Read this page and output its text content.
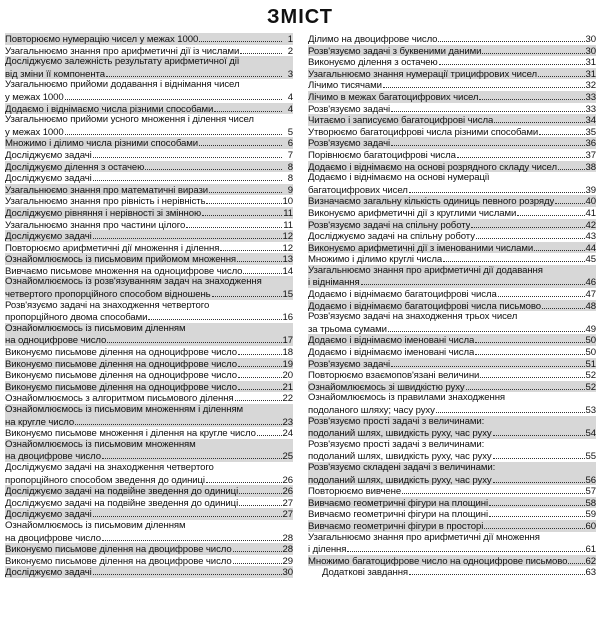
ЗМІСТ
Повторюємо нумерацію чисел у межах 1000	1
Узагальнюємо знання про арифметичні дії із числами	2
Досліджуємо залежність результату арифметичної дії
від зміни її компонента	3
Узагальнюємо прийоми додавання і віднімання чисел
у межах 1000	4
Додаємо і віднімаємо числа різними способами	4
Узагальнюємо прийоми усного множення і ділення чисел
у межах 1000	5
Множимо і ділимо числа різними способами	6
Досліджуємо задачі	7
Досліджуємо ділення з остачею	8
Досліджуємо задачі	8
Узагальнюємо знання про математичні вирази	9
Узагальнюємо знання про рівність і нерівність	10
Досліджуємо рівняння і нерівності зі змінною	11
Узагальнюємо знання про частини цілого	11
Досліджуємо задачі	12
Повторюємо арифметичні дії множення і ділення	12
Ознайомлюємось із письмовим прийомом множення	13
Вивчаємо письмове множення на одноцифрове число	14
Ознайомлюємось із розв'язуванням задач на знаходження
четвертого пропорційного способом відношень	15
Розв'язуємо задачі на знаходження четвертого
пропорційного двома способами	16
Ознайомлюємось із письмовим діленням
на одноцифрове число	17
Виконуємо письмове ділення на одноцифрове число	18
Виконуємо письмове ділення на одноцифрове число	19
Виконуємо письмове ділення на одноцифрове число	20
Виконуємо письмове ділення на одноцифрове число	21
Ознайомлюємось з алгоритмом письмового ділення	22
Ознайомлюємось із письмовим множенням і діленням
на кругле число	23
Виконуємо письмове множення і ділення на кругле число	24
Ознайомлюємось із письмовим множенням
на двоцифрове число	25
Досліджуємо задачі на знаходження четвертого
пропорційного способом зведення до одиниці	26
Досліджуємо задачі на подвійне зведення до одиниці	26
Досліджуємо задачі на подвійне зведення до одиниці	27
Досліджуємо задачі	27
Ознайомлюємось із письмовим діленням
на двоцифрове число	28
Виконуємо письмове ділення на двоцифрове число	28
Виконуємо письмове ділення на двоцифрове число	29
Досліджуємо задачі	30
Ділимо на двоцифрове число	30
Розв'язуємо задачі з буквеними даними	30
Виконуємо ділення з остачею	31
Узагальнюємо знання нумерації трицифрових чисел	31
Лічимо тисячами	32
Лічимо в межах багатоцифрових чисел	33
Розв'язуємо задачі	33
Читаємо і записуємо багатоцифрові числа	34
Утворюємо багатоцифрові числа різними способами	35
Розв'язуємо задачі	36
Порівнюємо багатоцифрові числа	37
Додаємо і віднімаємо на основі розрядного складу чисел	38
Додаємо і віднімаємо на основі нумерації
багатоцифрових чисел	39
Визначаємо загальну кількість одиниць певного розряду	40
Виконуємо арифметичні дії з круглими числами	41
Розв'язуємо задачі на спільну роботу	42
Досліджуємо задачі на спільну роботу	43
Виконуємо арифметичні дії з іменованими числами	44
Множимо і ділимо круглі числа	45
Узагальнюємо знання про арифметичні дії додавання
і віднімання	46
Додаємо і віднімаємо багатоцифрові числа	47
Додаємо і віднімаємо багатоцифрові числа письмово	48
Розв'язуємо задачі на знаходження трьох чисел
за трьома сумами	49
Додаємо і віднімаємо іменовані числа	50
Додаємо і віднімаємо іменовані числа	50
Розв'язуємо задачі	51
Повторюємо взаємопов'язані величини	52
Ознайомлюємось зі швидкістю руху	52
Ознайомлюємось із правилами знаходження
подоланого шляху; часу руху	53
Розв'язуємо прості задачі з величинами:
подоланий шлях, швидкість руху, час руху	54
Розв'язуємо прості задачі з величинами:
подоланий шлях, швидкість руху, час руху	55
Розв'язуємо складені задачі з величинами:
подоланий шлях, швидкість руху, час руху	56
Повторюємо вивчене	57
Вивчаємо геометричні фігури на площині	58
Вивчаємо геометричні фігури на площині	59
Вивчаємо геометричні фігури в просторі	60
Узагальнюємо знання про арифметичні дії множення
і ділення	61
Множимо багатоцифрове число на одноцифрове письмово 62
Додаткові завдання	63
